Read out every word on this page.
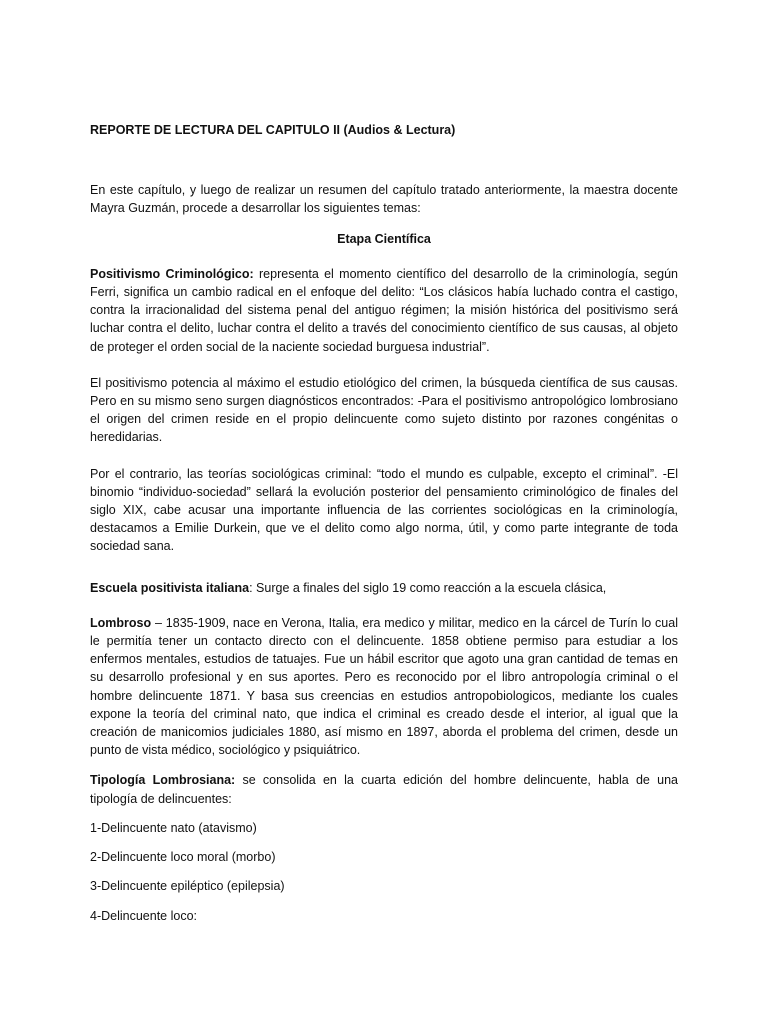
REPORTE DE LECTURA DEL CAPITULO II (Audios & Lectura)

En este capítulo, y luego de realizar un resumen del capítulo tratado anteriormente, la maestra docente Mayra Guzmán, procede a desarrollar los siguientes temas:

Etapa Científica

Positivismo Criminológico: representa el momento científico del desarrollo de la criminología, según Ferri, significa un cambio radical en el enfoque del delito: “Los clásicos había luchado contra el castigo, contra la irracionalidad del sistema penal del antiguo régimen; la misión histórica del positivismo será luchar contra el delito, luchar contra el delito a través del conocimiento científico de sus causas, al objeto de proteger el orden social de la naciente sociedad burguesa industrial”.

El positivismo potencia al máximo el estudio etiológico del crimen, la búsqueda científica de sus causas. Pero en su mismo seno surgen diagnósticos encontrados: -Para el positivismo antropológico lombrosiano el origen del crimen reside en el propio delincuente como sujeto distinto por razones congénitas o heredidarias.

Por el contrario, las teorías sociológicas criminal: “todo el mundo es culpable, excepto el criminal”. -El binomio “individuo-sociedad” sellará la evolución posterior del pensamiento criminológico de finales del siglo XIX, cabe acusar una importante influencia de las corrientes sociológicas en la criminología, destacamos a Emilie Durkein, que ve el delito como algo norma, útil, y como parte integrante de toda sociedad sana.

Escuela positivista italiana: Surge a finales del siglo 19 como reacción a la escuela clásica,

Lombroso – 1835-1909, nace en Verona, Italia, era medico y militar, medico en la cárcel de Turín lo cual le permitía tener un contacto directo con el delincuente. 1858 obtiene permiso para estudiar a los enfermos mentales, estudios de tatuajes. Fue un hábil escritor que agoto una gran cantidad de temas en su desarrollo profesional y en sus aportes. Pero es reconocido por el libro antropología criminal o el hombre delincuente 1871. Y basa sus creencias en estudios antropobiologicos, mediante los cuales expone la teoría del criminal nato, que indica el criminal es creado desde el interior, al igual que la creación de manicomios judiciales 1880, así mismo en 1897, aborda el problema del crimen, desde un punto de vista médico, sociológico y psiquiátrico.

Tipología Lombrosiana: se consolida en la cuarta edición del hombre delincuente, habla de una tipología de delincuentes:

1-Delincuente nato (atavismo)

2-Delincuente loco moral (morbo)

3-Delincuente epiléptico (epilepsia)

4-Delincuente loco:
